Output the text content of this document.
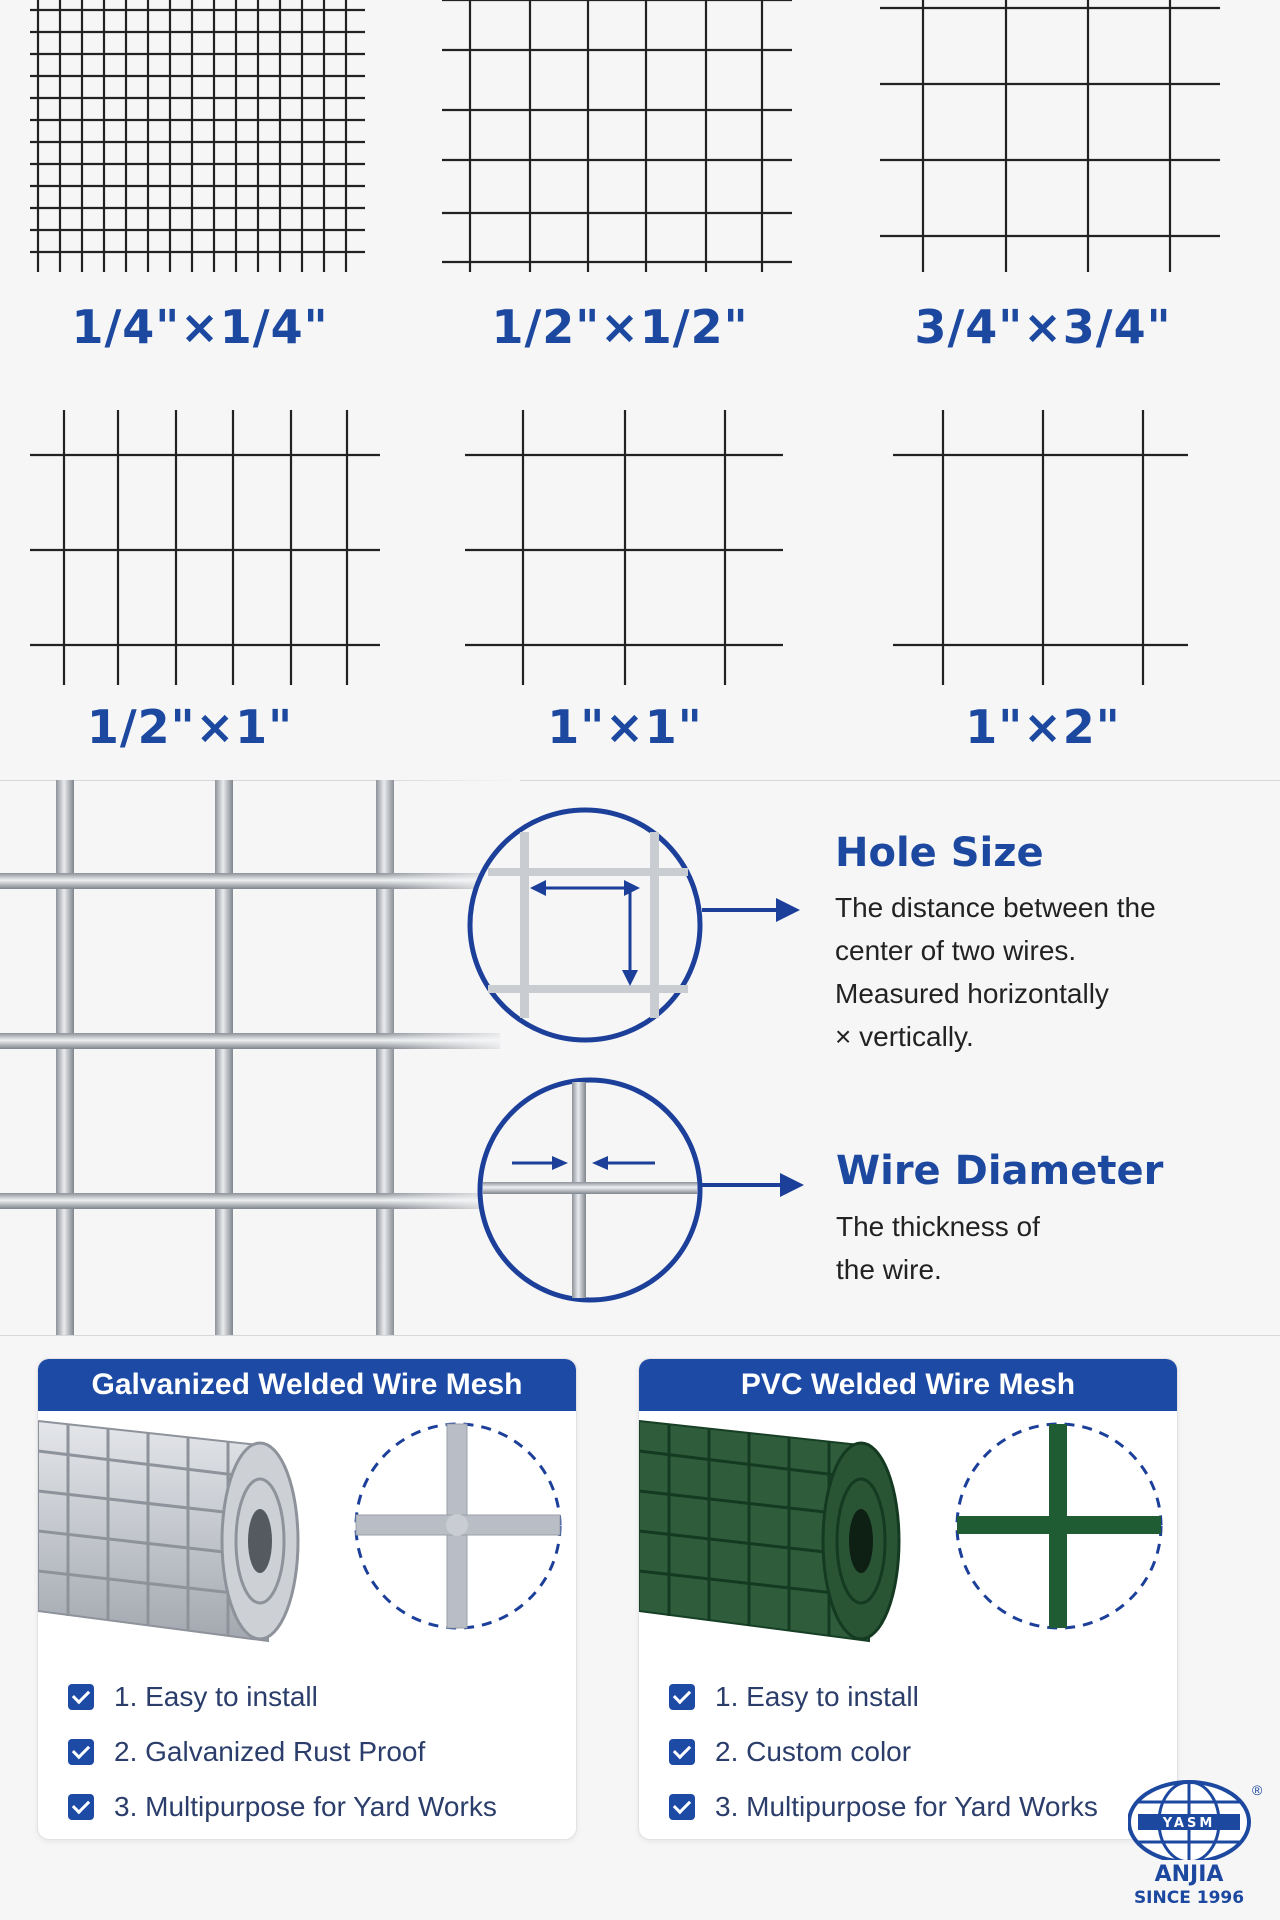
1/4"×1/4"	1/2"×1/2"	3/4"×3/4"
1/2"×1"	1"×1"	1"×2"
Hole Size
The distance between the
center of two wires.
Measured horizontally
× vertically.
Wire Diameter
The thickness of
the wire.
Galvanized Welded Wire Mesh
1. Easy to install
2. Galvanized Rust Proof
3. Multipurpose for Yard Works
PVC Welded Wire Mesh
1. Easy to install
2. Custom color
3. Multipurpose for Yard Works
YASM
®
ANJIA
SINCE 1996
